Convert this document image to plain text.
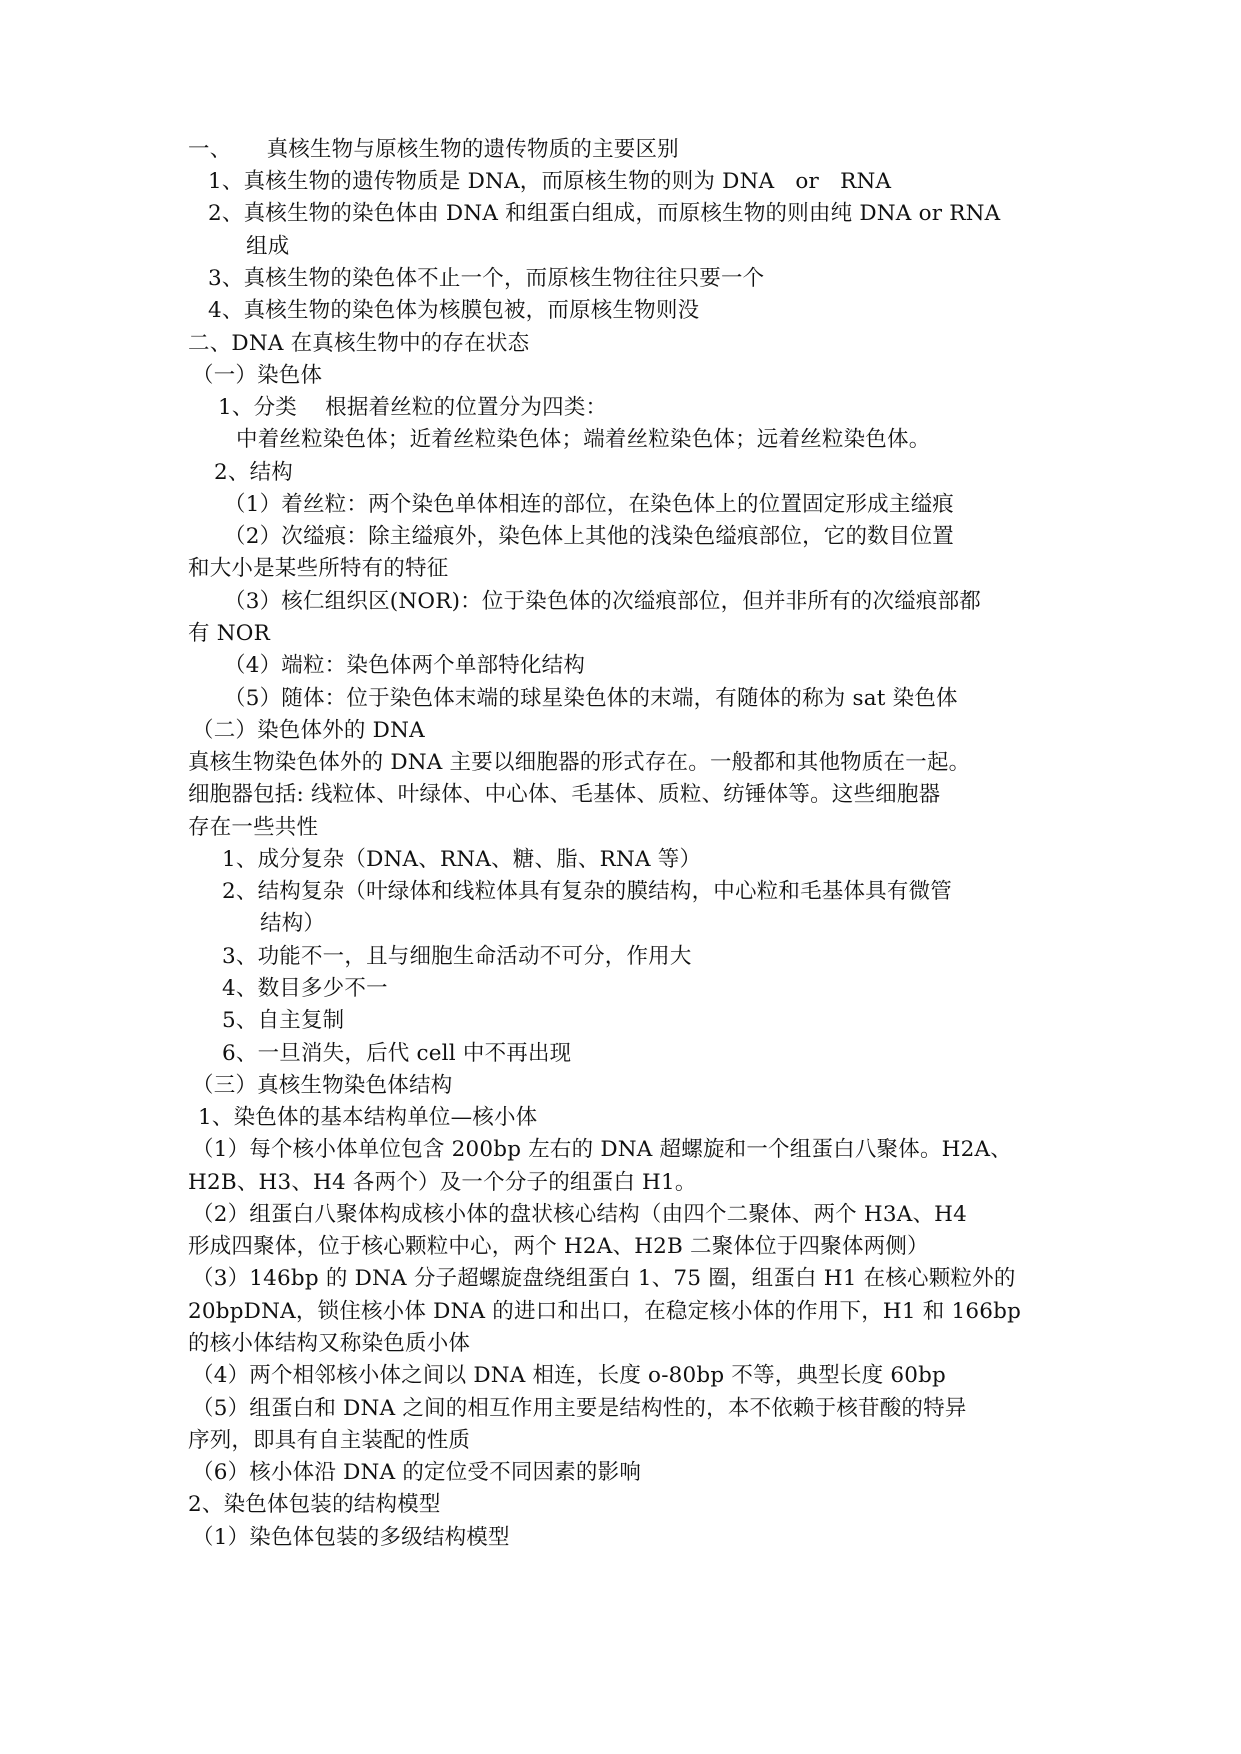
一、     真核生物与原核生物的遗传物质的主要区别
1、真核生物的遗传物质是 DNA，而原核生物的则为 DNA   or   RNA
2、真核生物的染色体由 DNA 和组蛋白组成，而原核生物的则由纯 DNA or RNA
组成
3、真核生物的染色体不止一个，而原核生物往往只要一个
4、真核生物的染色体为核膜包被，而原核生物则没
二、DNA 在真核生物中的存在状态
（一）染色体
1、分类    根据着丝粒的位置分为四类：
中着丝粒染色体；近着丝粒染色体；端着丝粒染色体；远着丝粒染色体。
2、结构
（1）着丝粒：两个染色单体相连的部位，在染色体上的位置固定形成主缢痕
（2）次缢痕：除主缢痕外，染色体上其他的浅染色缢痕部位，它的数目位置
和大小是某些所特有的特征
（3）核仁组织区(NOR)：位于染色体的次缢痕部位，但并非所有的次缢痕部都
有 NOR
（4）端粒：染色体两个单部特化结构
（5）随体：位于染色体末端的球星染色体的末端，有随体的称为 sat 染色体
（二）染色体外的 DNA
真核生物染色体外的 DNA 主要以细胞器的形式存在。一般都和其他物质在一起。
细胞器包括: 线粒体、叶绿体、中心体、毛基体、质粒、纺锤体等。这些细胞器
存在一些共性
1、成分复杂（DNA、RNA、糖、脂、RNA 等）
2、结构复杂（叶绿体和线粒体具有复杂的膜结构，中心粒和毛基体具有微管
结构）
3、功能不一，且与细胞生命活动不可分，作用大
4、数目多少不一
5、自主复制
6、一旦消失，后代 cell 中不再出现
（三）真核生物染色体结构
1、染色体的基本结构单位—核小体
（1）每个核小体单位包含 200bp 左右的 DNA 超螺旋和一个组蛋白八聚体。H2A、
H2B、H3、H4 各两个）及一个分子的组蛋白 H1。
（2）组蛋白八聚体构成核小体的盘状核心结构（由四个二聚体、两个 H3A、H4
形成四聚体，位于核心颗粒中心，两个 H2A、H2B 二聚体位于四聚体两侧）
（3）146bp 的 DNA 分子超螺旋盘绕组蛋白 1、75 圈，组蛋白 H1 在核心颗粒外的
20bpDNA，锁住核小体 DNA 的进口和出口，在稳定核小体的作用下，H1 和 166bp
的核小体结构又称染色质小体
（4）两个相邻核小体之间以 DNA 相连，长度 o-80bp 不等，典型长度 60bp
（5）组蛋白和 DNA 之间的相互作用主要是结构性的，本不依赖于核苷酸的特异
序列，即具有自主装配的性质
（6）核小体沿 DNA 的定位受不同因素的影响
2、染色体包装的结构模型
（1）染色体包装的多级结构模型
